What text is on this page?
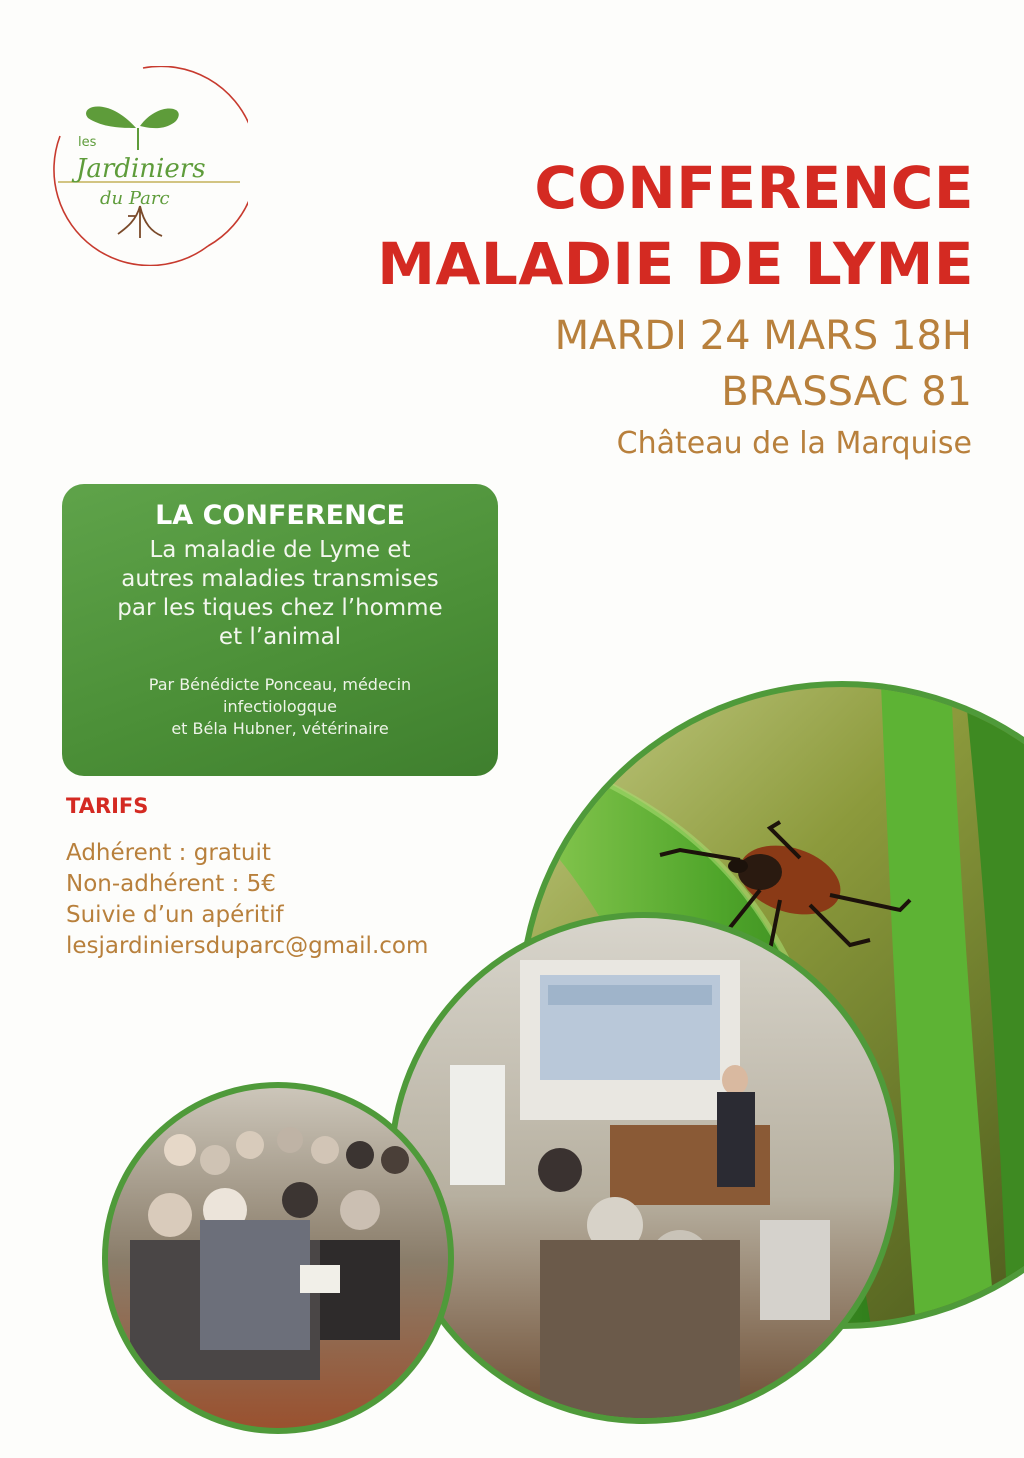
les
Jardiniers
du Parc	CONFERENCE
MALADIE DE LYME
MARDI 24 MARS 18H
BRASSAC 81
Château de la Marquise
LA CONFERENCE
La maladie de Lyme et
autres maladies transmises
par les tiques chez l’homme
et l’animal
Par Bénédicte Ponceau, médecin
infectiologque
et Béla Hubner, vétérinaire
TARIFS
Adhérent : gratuit
Non-adhérent : 5€
Suivie d’un apéritif
lesjardiniersduparc@gmail.com
